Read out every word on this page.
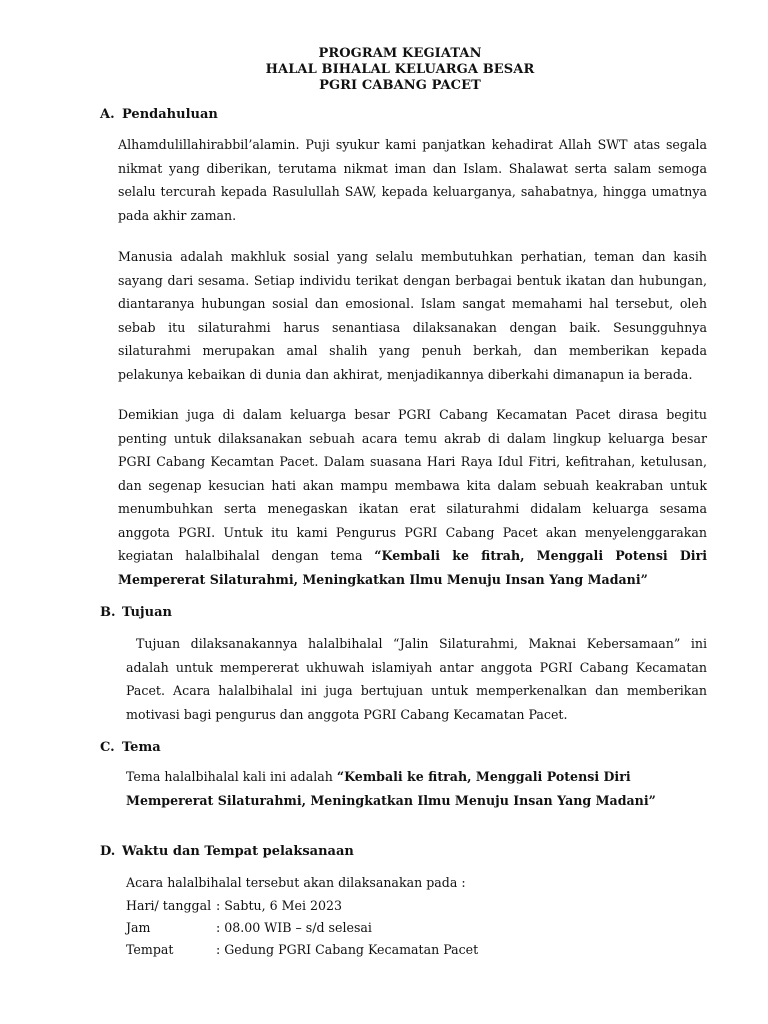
PROGRAM KEGIATAN
HALAL BIHALAL KELUARGA BESAR
PGRI CABANG PACET
A. Pendahuluan
Alhamdulillahirabbil’alamin. Puji syukur kami panjatkan kehadirat Allah SWT atas segala nikmat yang diberikan, terutama nikmat iman dan Islam. Shalawat serta salam semoga selalu tercurah kepada Rasulullah SAW, kepada keluarganya, sahabatnya, hingga umatnya pada akhir zaman.
Manusia adalah makhluk sosial yang selalu membutuhkan perhatian, teman dan kasih sayang dari sesama. Setiap individu terikat dengan berbagai bentuk ikatan dan hubungan, diantaranya hubungan sosial dan emosional. Islam sangat memahami hal tersebut, oleh sebab itu silaturahmi harus senantiasa dilaksanakan dengan baik. Sesungguhnya silaturahmi merupakan amal shalih yang penuh berkah, dan memberikan kepada pelakunya kebaikan di dunia dan akhirat, menjadikannya diberkahi dimanapun ia berada.
Demikian juga di dalam keluarga besar PGRI Cabang Kecamatan Pacet dirasa begitu penting untuk dilaksanakan sebuah acara temu akrab di dalam lingkup keluarga besar PGRI Cabang Kecamtan Pacet. Dalam suasana Hari Raya Idul Fitri, kefitrahan, ketulusan, dan segenap kesucian hati akan mampu membawa kita dalam sebuah keakraban untuk menumbuhkan serta menegaskan ikatan erat silaturahmi didalam keluarga sesama anggota PGRI. Untuk itu kami Pengurus PGRI Cabang Pacet akan menyelenggarakan kegiatan halalbihalal dengan tema “Kembali ke fitrah, Menggali Potensi Diri Mempererat Silaturahmi, Meningkatkan Ilmu Menuju Insan Yang Madani”
B. Tujuan
Tujuan dilaksanakannya halalbihalal “Jalin Silaturahmi, Maknai Kebersamaan” ini adalah untuk mempererat ukhuwah islamiyah antar anggota PGRI Cabang Kecamatan Pacet. Acara halalbihalal ini juga bertujuan untuk memperkenalkan dan memberikan motivasi bagi pengurus dan anggota PGRI Cabang Kecamatan Pacet.
C. Tema
Tema halalbihalal kali ini adalah “Kembali ke fitrah, Menggali Potensi Diri Mempererat Silaturahmi, Meningkatkan Ilmu Menuju Insan Yang Madani”
D. Waktu dan Tempat pelaksanaan
Acara halalbihalal tersebut akan dilaksanakan pada :
Hari/ tanggal : Sabtu, 6 Mei 2023
Jam	: 08.00 WIB – s/d selesai
Tempat	: Gedung PGRI Cabang Kecamatan Pacet
